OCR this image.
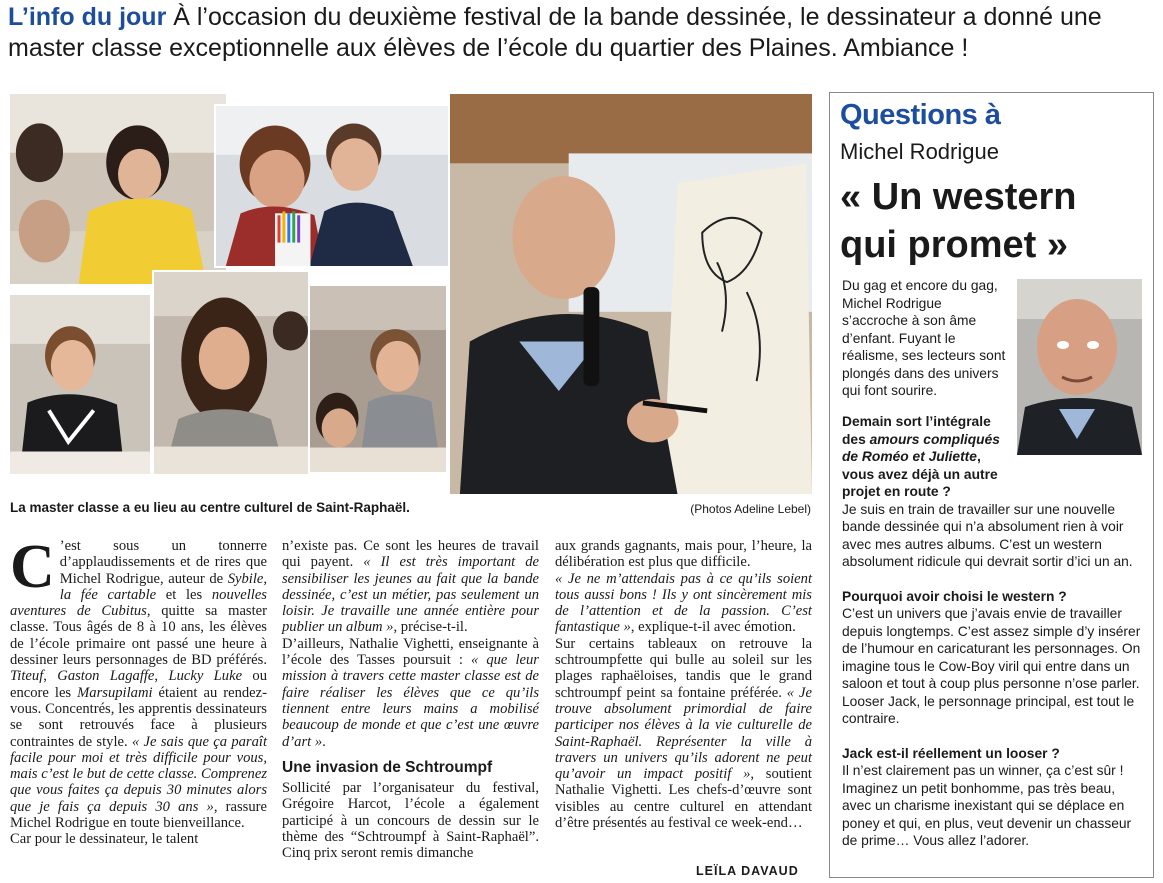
L’info du jour À l’occasion du deuxième festival de la bande dessinée, le dessinateur a donné une master classe exceptionnelle aux élèves de l’école du quartier des Plaines. Ambiance !
La master classe a eu lieu au centre culturel de Saint-Raphaël.	(Photos Adeline Lebel)

C ’est sous un tonnerre d’applaudissements et de rires que Michel Rodrigue, auteur de Sybile, la fée cartable et les nouvelles aventures de Cubitus, quitte sa master classe. Tous âgés de 8 à 10 ans, les élèves de l’école primaire ont passé une heure à dessiner leurs personnages de BD préférés. Titeuf, Gaston Lagaffe, Lucky Luke ou encore les Marsupilami étaient au rendez-vous. Concentrés, les apprentis dessinateurs se sont retrouvés face à plusieurs contraintes de style. « Je sais que ça paraît facile pour moi et très difficile pour vous, mais c’est le but de cette classe. Comprenez que vous faites ça depuis 30 minutes alors que je fais ça depuis 30 ans », rassure Michel Rodrigue en toute bienveillance.

Car pour le dessinateur, le talent

n’existe pas. Ce sont les heures de travail qui payent. « Il est très important de sensibiliser les jeunes au fait que la bande dessinée, c’est un métier, pas seulement un loisir. Je travaille une année entière pour publier un album », précise-t-il.

D’ailleurs, Nathalie Vighetti, enseignante à l’école des Tasses poursuit : « que leur mission à travers cette master classe est de faire réaliser les élèves que ce qu’ils tiennent entre leurs mains a mobilisé beaucoup de monde et que c’est une œuvre d’art ».

Une invasion de Schtroumpf

Sollicité par l’organisateur du festival, Grégoire Harcot, l’école a également participé à un concours de dessin sur le thème des “Schtroumpf à Saint-Raphaël”. Cinq prix seront remis dimanche

aux grands gagnants, mais pour, l’heure, la délibération est plus que difficile.

« Je ne m’attendais pas à ce qu’ils soient tous aussi bons ! Ils y ont sincèrement mis de l’attention et de la passion. C’est fantastique », explique-t-il avec émotion.

Sur certains tableaux on retrouve la schtroumpfette qui bulle au soleil sur les plages raphaëloises, tandis que le grand schtroumpf peint sa fontaine préférée. « Je trouve absolument primordial de faire participer nos élèves à la vie culturelle de Saint-Raphaël. Représenter la ville à travers un univers qu’ils adorent ne peut qu’avoir un impact positif », soutient Nathalie Vighetti. Les chefs-d’œuvre sont visibles au centre culturel en attendant d’être présentés au festival ce week-end…

LEÏLA DAVAUD
Questions à
Michel Rodrigue
« Un western
qui promet »
Du gag et encore du gag, Michel Rodrigue s’accroche à son âme d’enfant. Fuyant le réalisme, ses lecteurs sont plongés dans des univers qui font sourire.

Demain sort l’intégrale des amours compliqués de Roméo et Juliette, vous avez déjà un autre projet en route ?

Je suis en train de travailler sur une nouvelle bande dessinée qui n’a absolument rien à voir avec mes autres albums. C’est un western absolument ridicule qui devrait sortir d’ici un an.

Pourquoi avoir choisi le western ?

C’est un univers que j’avais envie de travailler depuis longtemps. C’est assez simple d’y insérer de l’humour en caricaturant les personnages. On imagine tous le Cow-Boy viril qui entre dans un saloon et tout à coup plus personne n’ose parler. Looser Jack, le personnage principal, est tout le contraire.

Jack est-il réellement un looser ?

Il n’est clairement pas un winner, ça c’est sûr ! Imaginez un petit bonhomme, pas très beau, avec un charisme inexistant qui se déplace en poney et qui, en plus, veut devenir un chasseur de prime… Vous allez l’adorer.
